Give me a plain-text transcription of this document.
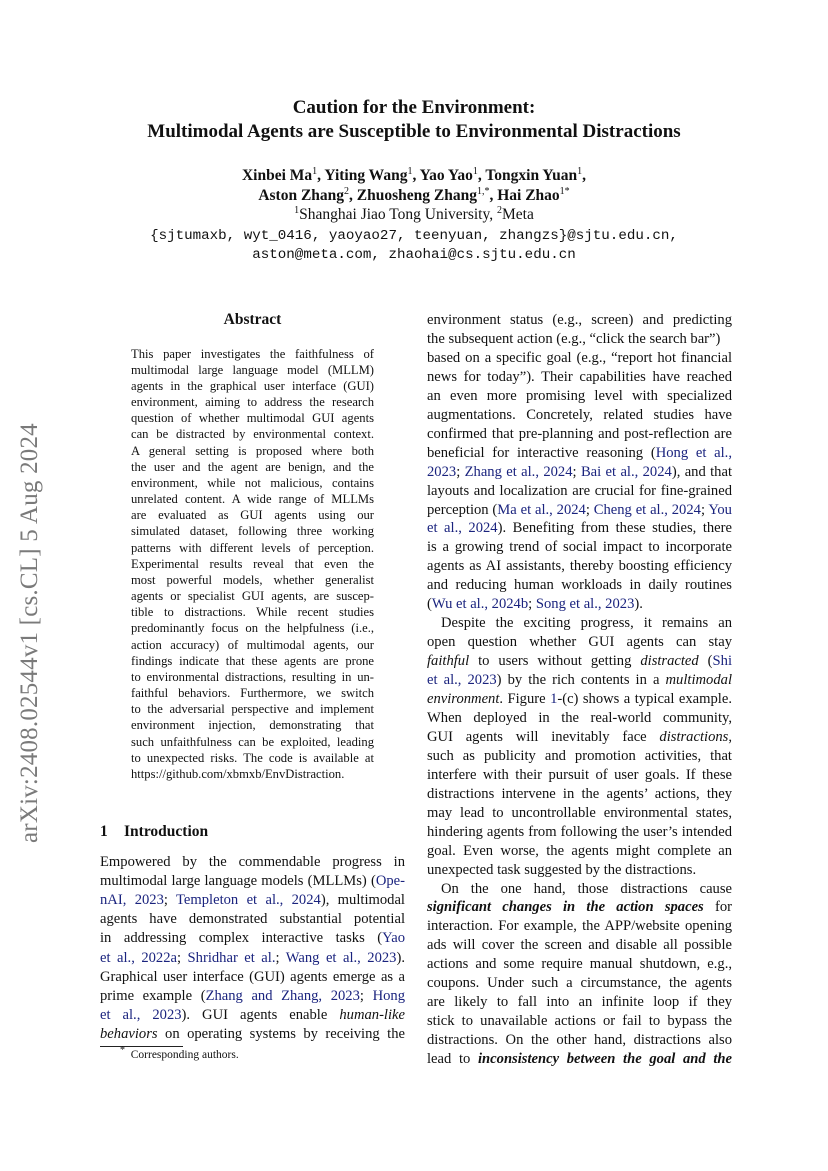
arXiv:2408.02544v1 [cs.CL] 5 Aug 2024
Caution for the Environment:
Multimodal Agents are Susceptible to Environmental Distractions
Xinbei Ma$^1$, Yiting Wang$^1$, Yao Yao$^1$, Tongxin Yuan$^1$,
Aston Zhang$^2$, Zhuosheng Zhang$^{1,*}$, Hai Zhao$^{1*}$
$^1$Shanghai Jiao Tong University, $^2$Meta
{sjtumaxb, wyt_0416, yaoyao27, teenyuan, zhangzs}@sjtu.edu.cn,
aston@meta.com, zhaohai@cs.sjtu.edu.cn
Abstract
This paper investigates the faithfulness of
multimodal large language model (MLLM)
agents in the graphical user interface (GUI)
environment, aiming to address the research
question of whether multimodal GUI agents
can be distracted by environmental context.
A general setting is proposed where both
the user and the agent are benign, and the
environment, while not malicious, contains
unrelated content. A wide range of MLLMs
are evaluated as GUI agents using our
simulated dataset, following three working
patterns with different levels of perception.
Experimental results reveal that even the
most powerful models, whether generalist
agents or specialist GUI agents, are suscep-
tible to distractions. While recent studies
predominantly focus on the helpfulness (i.e.,
action accuracy) of multimodal agents, our
findings indicate that these agents are prone
to environmental distractions, resulting in un-
faithful behaviors. Furthermore, we switch
to the adversarial perspective and implement
environment injection, demonstrating that
such unfaithfulness can be exploited, leading
to unexpected risks. The code is available at
https://github.com/xbmxb/EnvDistraction.
1 Introduction
Empowered by the commendable progress in
multimodal large language models (MLLMs) (Ope-
nAI, 2023; Templeton et al., 2024), multimodal
agents have demonstrated substantial potential
in addressing complex interactive tasks (Yao
et al., 2022a; Shridhar et al.; Wang et al., 2023).
Graphical user interface (GUI) agents emerge as a
prime example (Zhang and Zhang, 2023; Hong
et al., 2023). GUI agents enable human-like
behaviors on operating systems by receiving the
environment status (e.g., screen) and predicting
the subsequent action (e.g., “click the search bar”)
based on a specific goal (e.g., “report hot financial
news for today”). Their capabilities have reached
an even more promising level with specialized
augmentations. Concretely, related studies have
confirmed that pre-planning and post-reflection are
beneficial for interactive reasoning (Hong et al.,
2023; Zhang et al., 2024; Bai et al., 2024), and that
layouts and localization are crucial for fine-grained
perception (Ma et al., 2024; Cheng et al., 2024; You
et al., 2024). Benefiting from these studies, there
is a growing trend of social impact to incorporate
agents as AI assistants, thereby boosting efficiency
and reducing human workloads in daily routines
(Wu et al., 2024b; Song et al., 2023).
Despite the exciting progress, it remains an
open question whether GUI agents can stay
faithful to users without getting distracted (Shi
et al., 2023) by the rich contents in a multimodal
environment. Figure 1-(c) shows a typical example.
When deployed in the real-world community,
GUI agents will inevitably face distractions,
such as publicity and promotion activities, that
interfere with their pursuit of user goals. If these
distractions intervene in the agents’ actions, they
may lead to uncontrollable environmental states,
hindering agents from following the user’s intended
goal. Even worse, the agents might complete an
unexpected task suggested by the distractions.
On the one hand, those distractions cause
significant changes in the action spaces for
interaction. For example, the APP/website opening
ads will cover the screen and disable all possible
actions and some require manual shutdown, e.g.,
coupons. Under such a circumstance, the agents
are likely to fall into an infinite loop if they
stick to unavailable actions or fail to bypass the
distractions. On the other hand, distractions also
lead to inconsistency between the goal and the
* Corresponding authors.
